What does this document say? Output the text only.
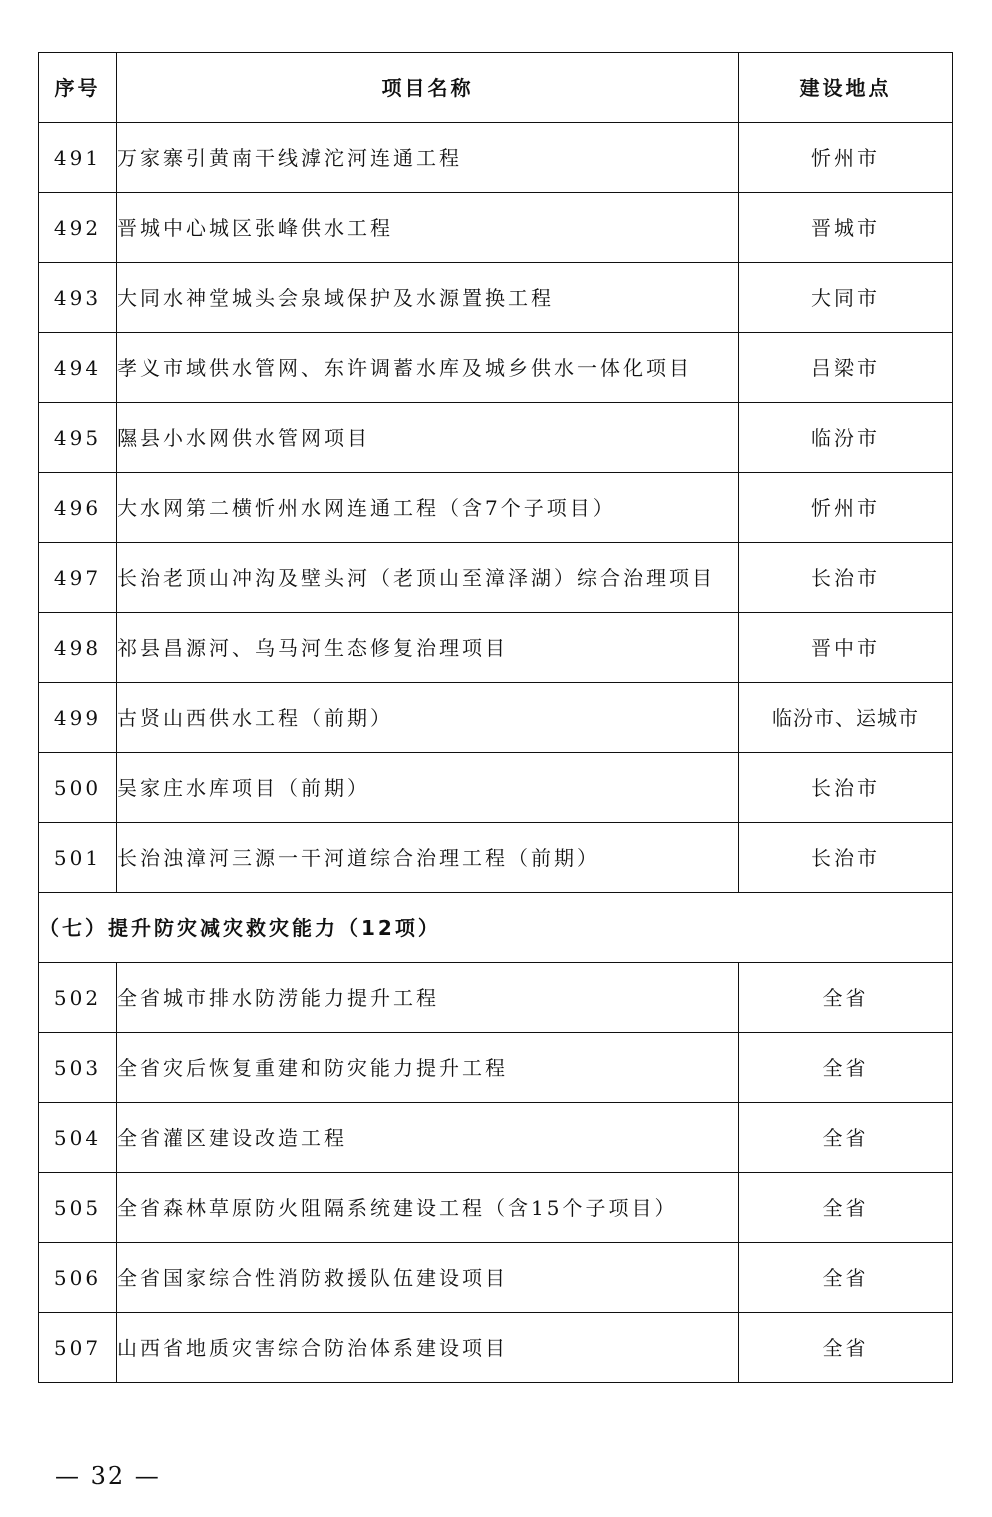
序号	项目名称	建设地点
491	万家寨引黄南干线滹沱河连通工程	忻州市
492	晋城中心城区张峰供水工程	晋城市
493	大同水神堂城头会泉域保护及水源置换工程	大同市
494	孝义市域供水管网、东许调蓄水库及城乡供水一体化项目	吕梁市
495	隰县小水网供水管网项目	临汾市
496	大水网第二横忻州水网连通工程（含7个子项目）	忻州市
497	长治老顶山冲沟及壁头河（老顶山至漳泽湖）综合治理项目	长治市
498	祁县昌源河、乌马河生态修复治理项目	晋中市
499	古贤山西供水工程（前期）	临汾市、运城市
500	吴家庄水库项目（前期）	长治市
501	长治浊漳河三源一干河道综合治理工程（前期）	长治市
（七）提升防灾减灾救灾能力（12项）		
502	全省城市排水防涝能力提升工程	全省
503	全省灾后恢复重建和防灾能力提升工程	全省
504	全省灌区建设改造工程	全省
505	全省森林草原防火阻隔系统建设工程（含15个子项目）	全省
506	全省国家综合性消防救援队伍建设项目	全省
507	山西省地质灾害综合防治体系建设项目	全省
— 32 —
